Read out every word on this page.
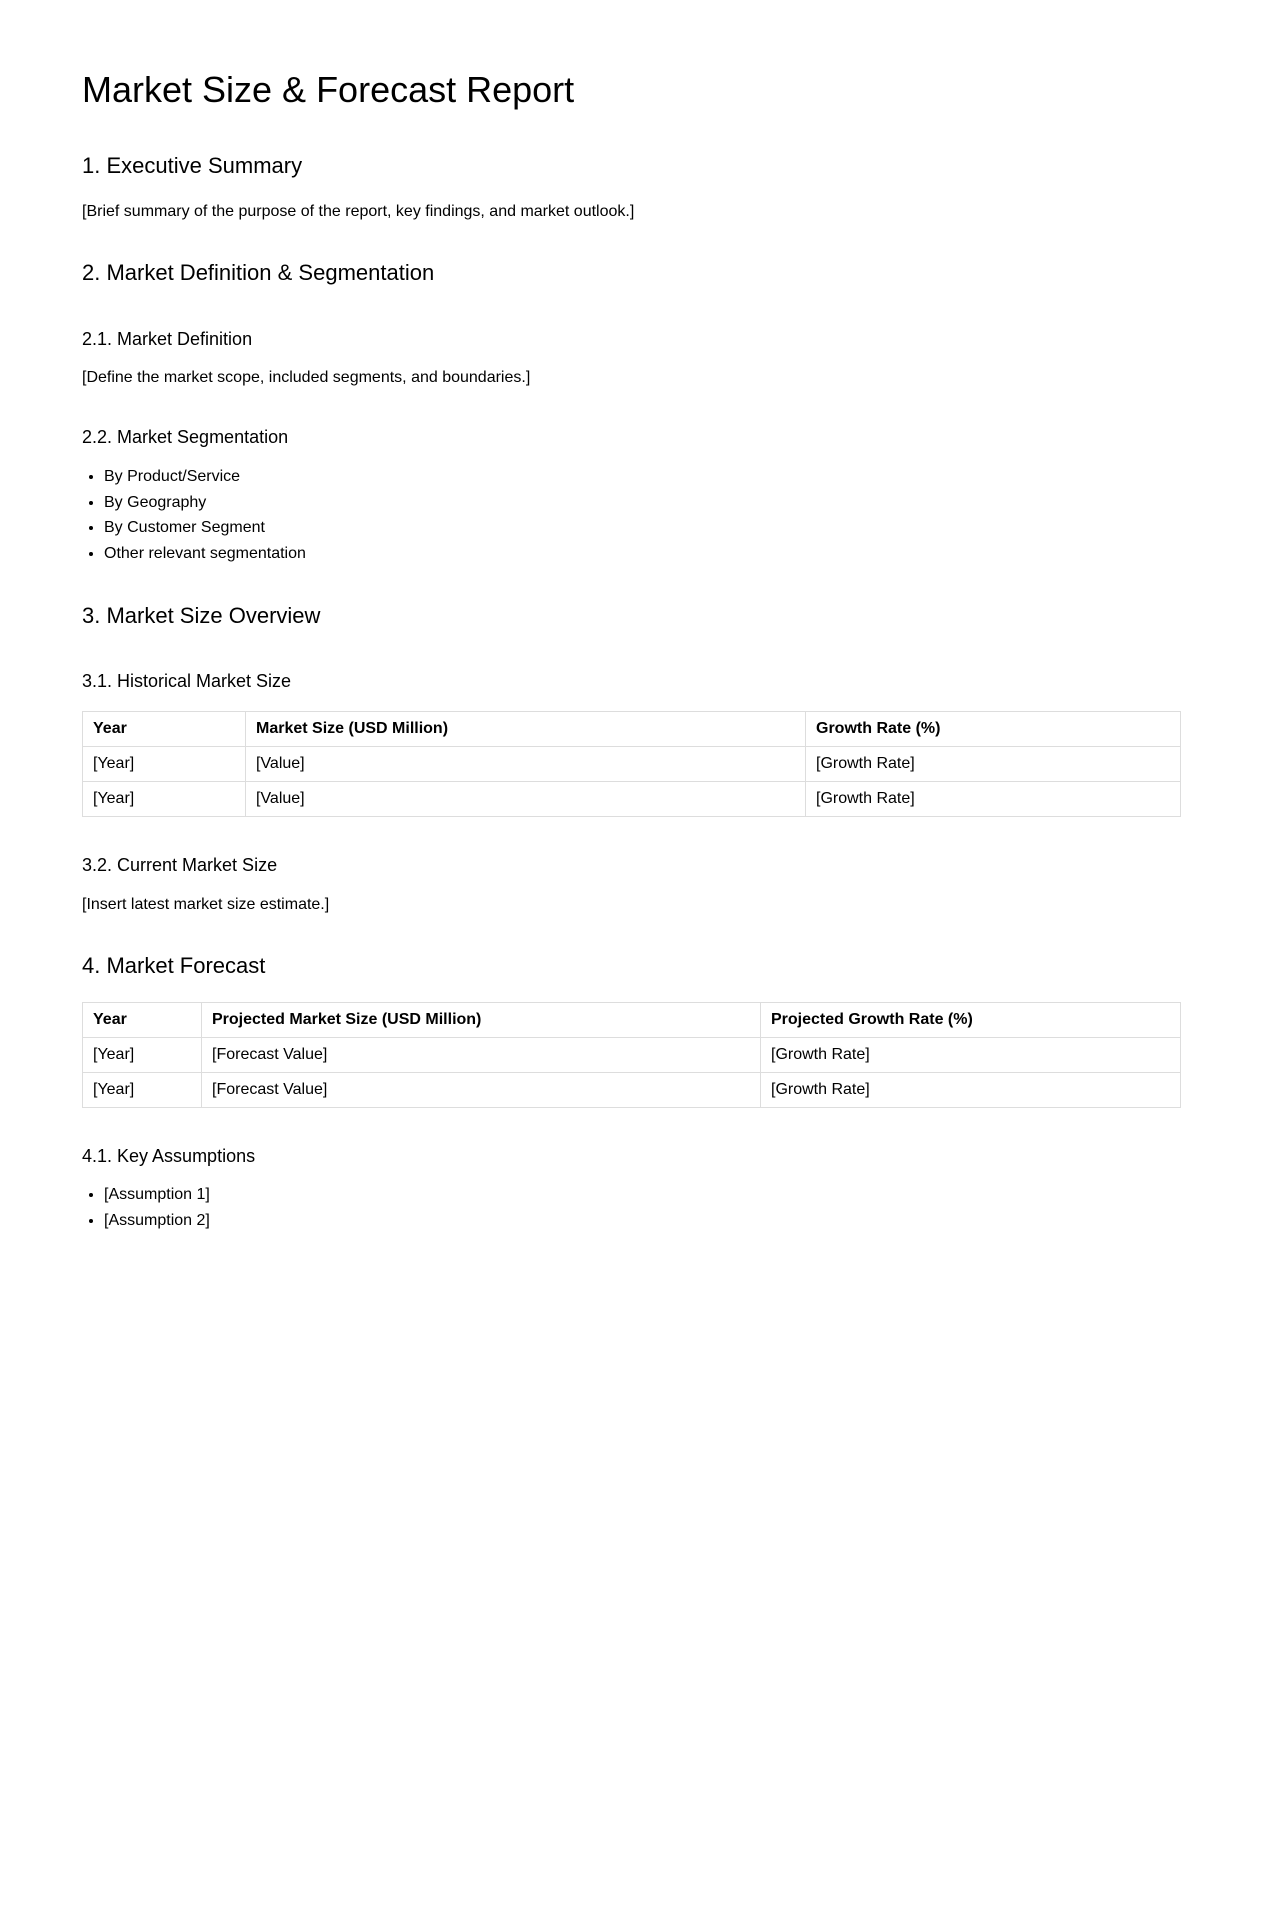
Market Size & Forecast Report
1. Executive Summary

[Brief summary of the purpose of the report, key findings, and market outlook.]

2. Market Definition & Segmentation
2.1. Market Definition

[Define the market scope, included segments, and boundaries.]

2.2. Market Segmentation
• By Product/Service
• By Geography
• By Customer Segment
• Other relevant segmentation
3. Market Size Overview
3.1. Historical Market Size
Year	Market Size (USD Million)	Growth Rate (%)
[Year]	[Value]	[Growth Rate]
[Year]	[Value]	[Growth Rate]
3.2. Current Market Size

[Insert latest market size estimate.]

4. Market Forecast
Year	Projected Market Size (USD Million)	Projected Growth Rate (%)
[Year]	[Forecast Value]	[Growth Rate]
[Year]	[Forecast Value]	[Growth Rate]
4.1. Key Assumptions
• [Assumption 1]
• [Assumption 2]
